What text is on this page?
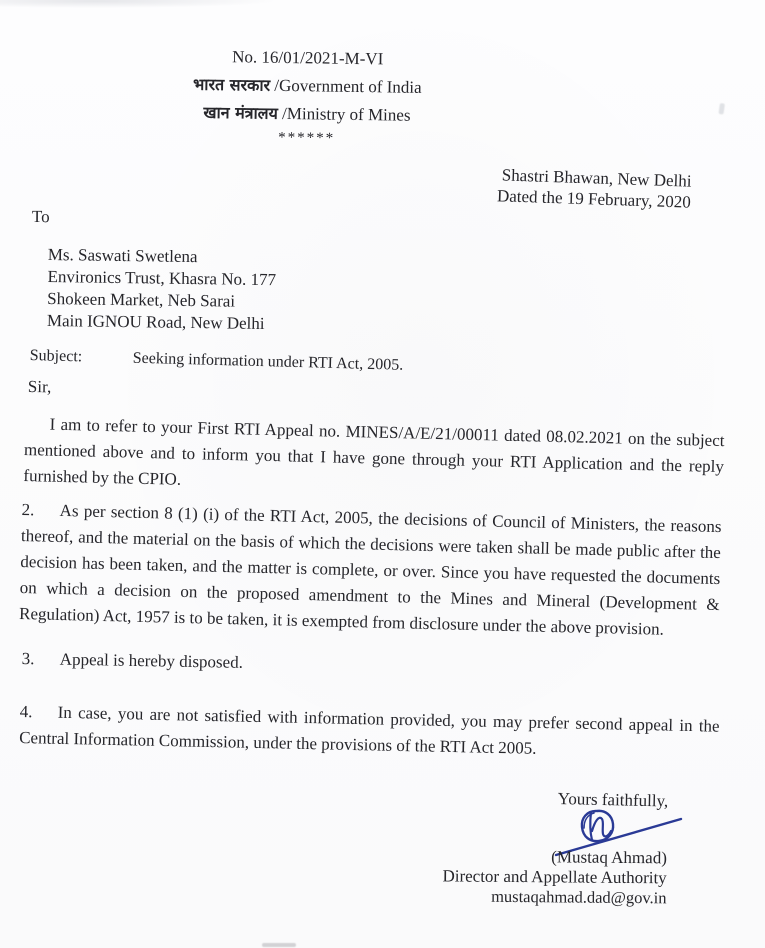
No. 16/01/2021-M-VI
भारत सरकार /Government of India
खान मंत्रालय /Ministry of Mines
******
Shastri Bhawan, New Delhi
Dated the 19 February, 2020
To
Ms. Saswati Swetlena
Environics Trust, Khasra No. 177
Shokeen Market, Neb Sarai
Main IGNOU Road, New Delhi
Subject:	Seeking information under RTI Act, 2005.
Sir,
I am to refer to your First RTI Appeal no. MINES/A/E/21/00011 dated 08.02.2021 on the subject mentioned above and to inform you that I have gone through your RTI Application and the reply furnished by the CPIO.
2. As per section 8 (1) (i) of the RTI Act, 2005, the decisions of Council of Ministers, the reasons thereof, and the material on the basis of which the decisions were taken shall be made public after the decision has been taken, and the matter is complete, or over. Since you have requested the documents on which a decision on the proposed amendment to the Mines and Mineral (Development & Regulation) Act, 1957 is to be taken, it is exempted from disclosure under the above provision.
3. Appeal is hereby disposed.
4. In case, you are not satisfied with information provided, you may prefer second appeal in the Central Information Commission, under the provisions of the RTI Act 2005.
Yours faithfully,
(Mustaq Ahmad)
Director and Appellate Authority
mustaqahmad.dad@gov.in
